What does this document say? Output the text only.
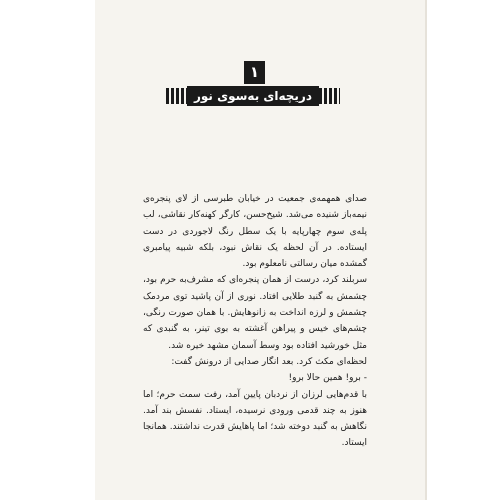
۱
دریچه‌ای به‌سوی نور

صدای همهمه‌ی جمعیت در خیابان طبرسی از لای پنجره‌ی نیمه‌باز شنیده می‌شد. شیخ‌حسن، کارگر کهنه‌کار نقاشی، لب پله‌ی سوم چهارپایه با یک سطل رنگ لاجوردی در دست ایستاده. در آن لحظه یک نقاش نبود، بلکه شبیه پیامبری گمشده میان رسالتی نامعلوم بود.

سربلند کرد، درست از همان پنجره‌ای که مشرف‌به حرم بود، چشمش به گنبد طلایی افتاد. نوری از آن پاشید توی مردمک چشمش و لرزه انداخت به زانوهایش. با همان صورت رنگی، چشم‌های خیس و پیراهن آغشته به بوی تینر، به گنبدی که مثل خورشید افتاده بود وسط آسمان مشهد خیره شد.

لحظه‌ای مکث کرد. بعد انگار صدایی از درونش گفت:

- برو! همین حالا برو!

با قدم‌هایی لرزان از نردبان پایین آمد، رفت سمت حرم؛ اما هنوز به چند قدمی ورودی نرسیده، ایستاد. نفسش بند آمد. نگاهش به گنبد دوخته شد؛ اما پاهایش قدرت نداشتند. همانجا ایستاد.
